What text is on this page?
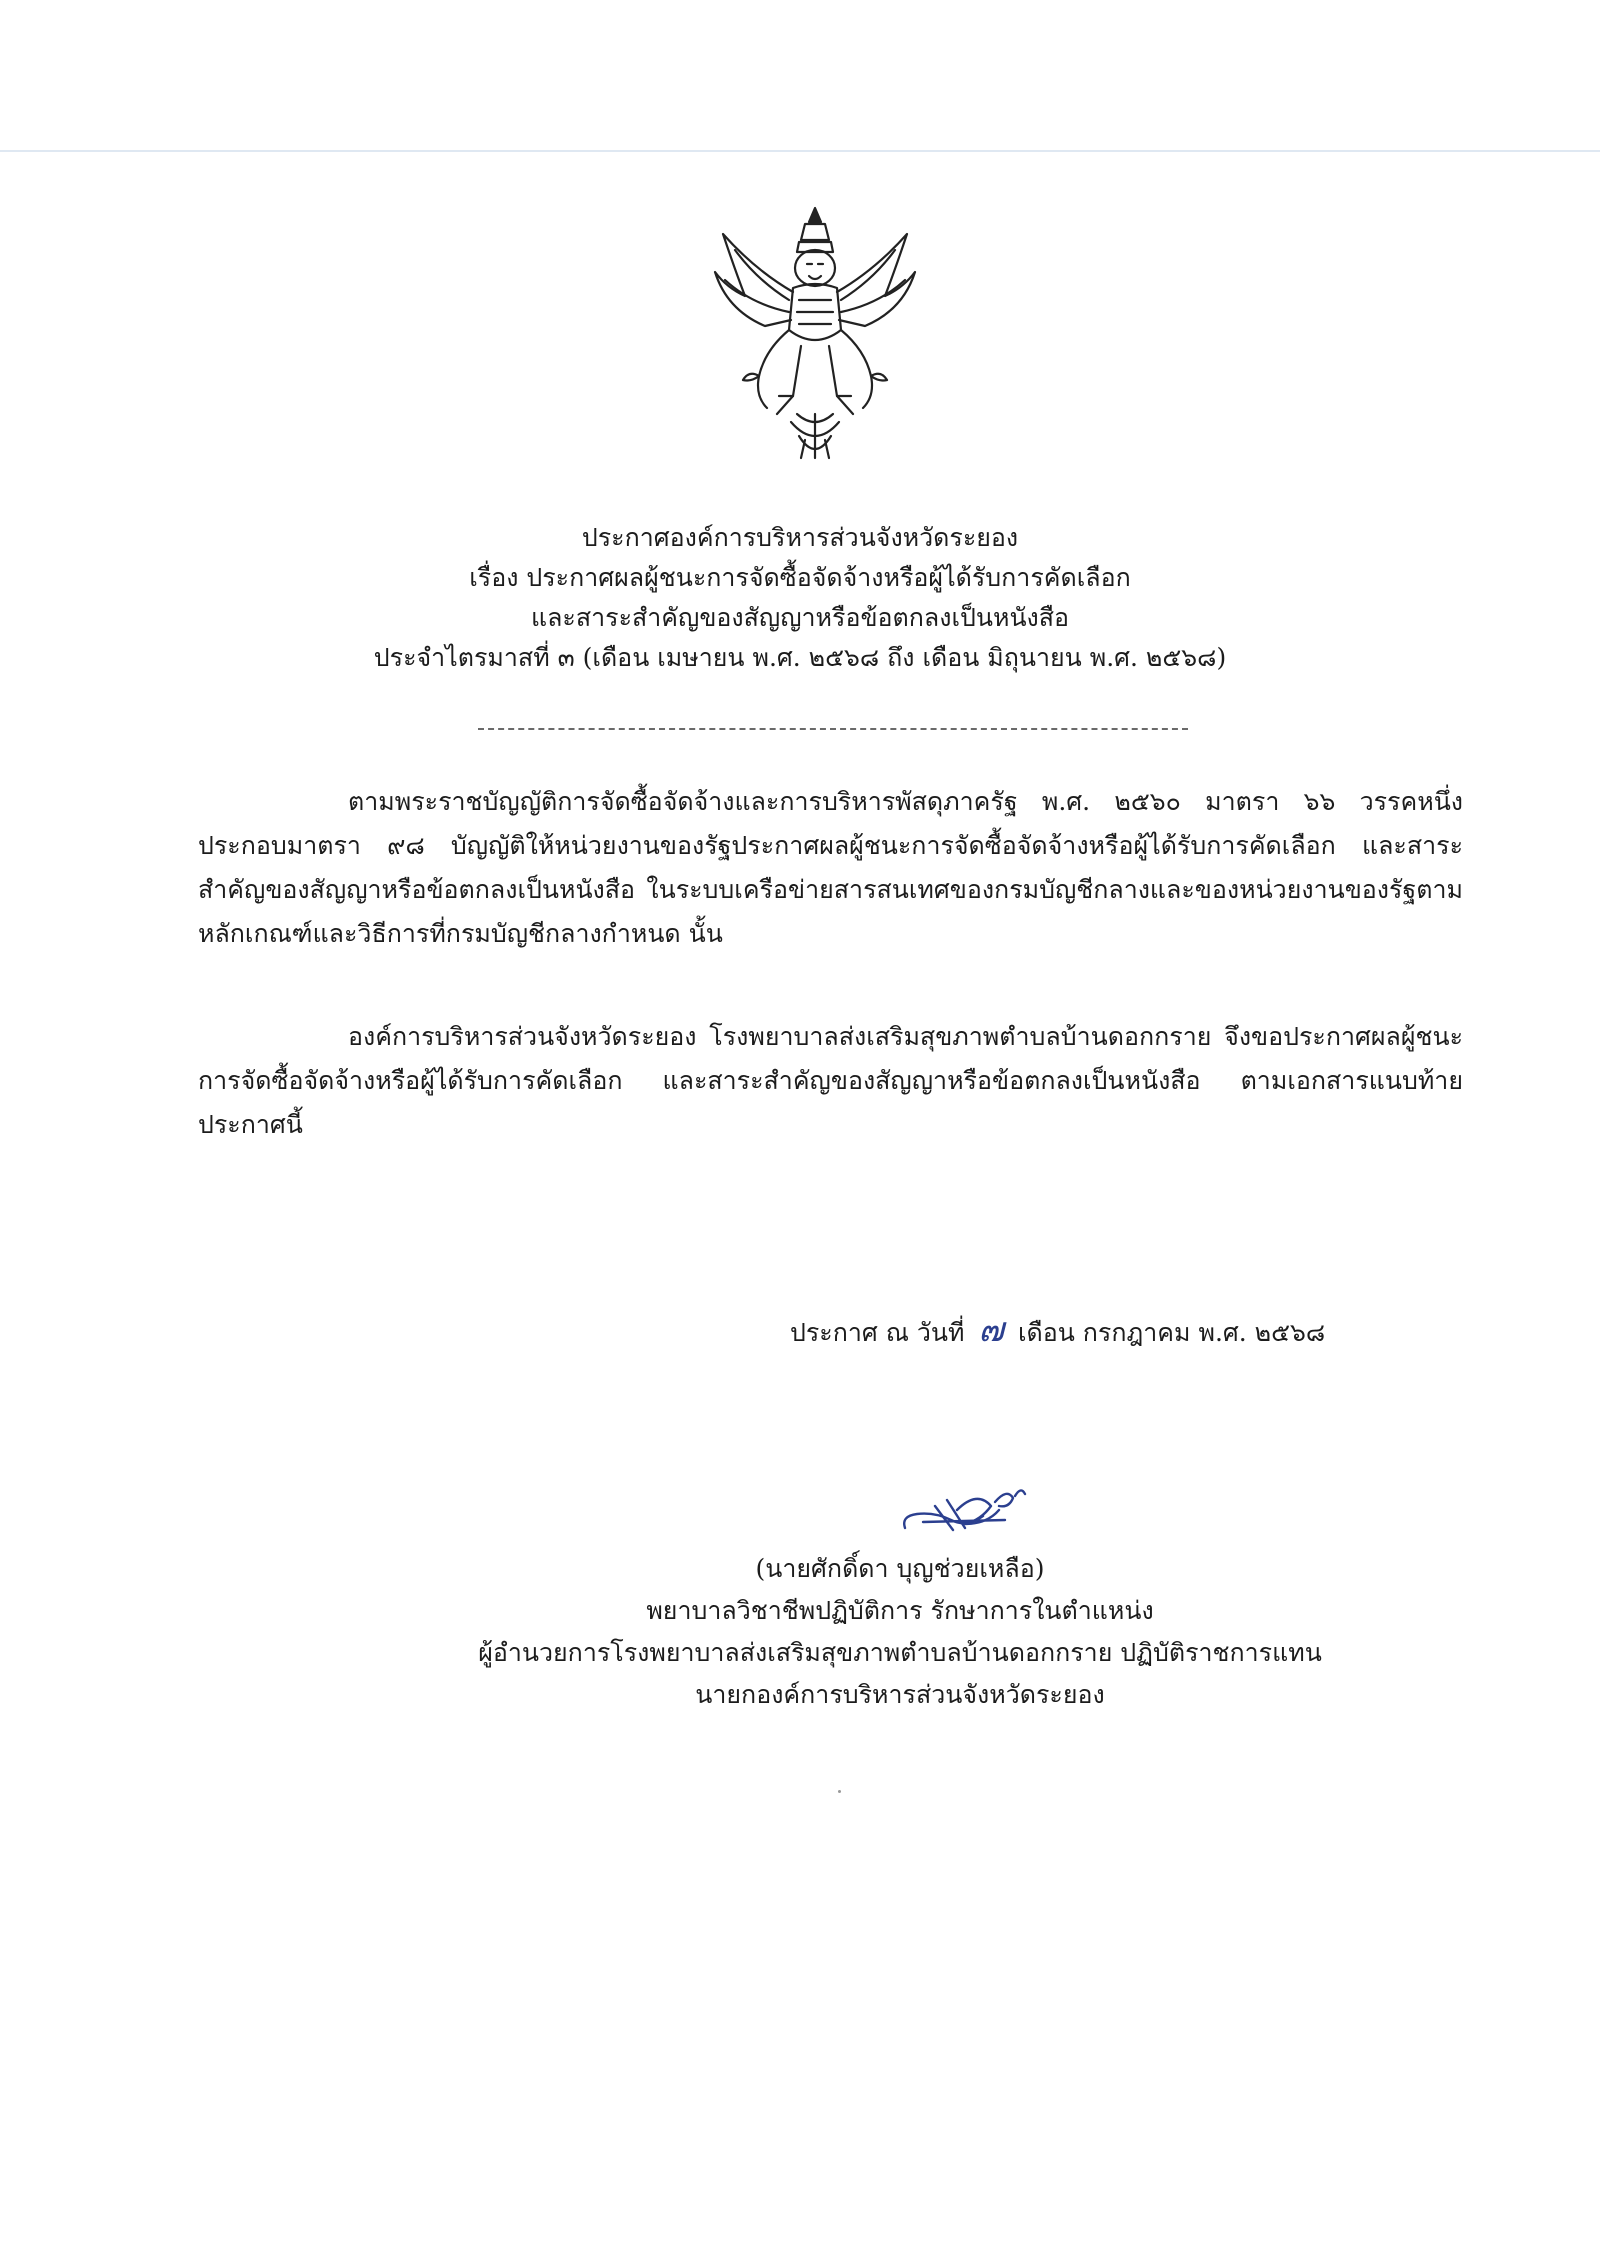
ประกาศองค์การบริหารส่วนจังหวัดระยอง
เรื่อง ประกาศผลผู้ชนะการจัดซื้อจัดจ้างหรือผู้ได้รับการคัดเลือก
และสาระสำคัญของสัญญาหรือข้อตกลงเป็นหนังสือ
ประจำไตรมาสที่ ๓ (เดือน เมษายน พ.ศ. ๒๕๖๘ ถึง เดือน มิถุนายน พ.ศ. ๒๕๖๘)

ตามพระราชบัญญัติการจัดซื้อจัดจ้างและการบริหารพัสดุภาครัฐ พ.ศ. ๒๕๖๐ มาตรา ๖๖ วรรคหนึ่ง ประกอบมาตรา ๙๘ บัญญัติให้หน่วยงานของรัฐประกาศผลผู้ชนะการจัดซื้อจัดจ้างหรือผู้ได้รับการคัดเลือก และสาระสำคัญของสัญญาหรือข้อตกลงเป็นหนังสือ ในระบบเครือข่ายสารสนเทศของกรมบัญชีกลางและของหน่วยงานของรัฐตามหลักเกณฑ์และวิธีการที่กรมบัญชีกลางกำหนด นั้น

องค์การบริหารส่วนจังหวัดระยอง โรงพยาบาลส่งเสริมสุขภาพตำบลบ้านดอกกราย จึงขอประกาศผลผู้ชนะการจัดซื้อจัดจ้างหรือผู้ได้รับการคัดเลือก และสาระสำคัญของสัญญาหรือข้อตกลงเป็นหนังสือ ตามเอกสารแนบท้ายประกาศนี้

ประกาศ ณ วันที่ ๗ เดือน กรกฎาคม พ.ศ. ๒๕๖๘
(นายศักดิ์ดา บุญช่วยเหลือ)
พยาบาลวิชาชีพปฏิบัติการ รักษาการในตำแหน่ง
ผู้อำนวยการโรงพยาบาลส่งเสริมสุขภาพตำบลบ้านดอกกราย ปฏิบัติราชการแทน
นายกองค์การบริหารส่วนจังหวัดระยอง
